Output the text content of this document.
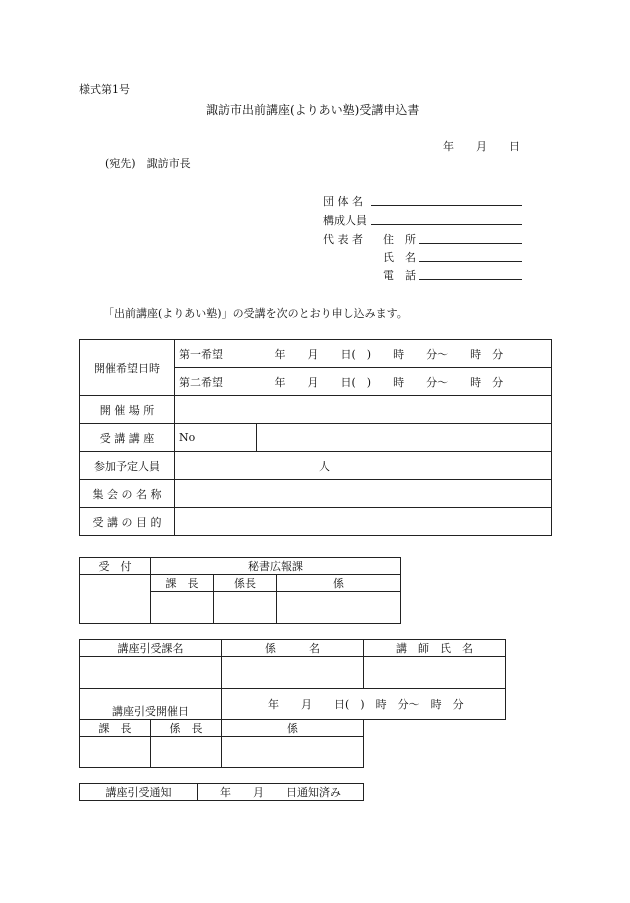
様式第1号
諏訪市出前講座(よりあい塾)受講申込書
年　　月　　日
(宛先)　諏訪市長
団 体 名
構成人員
代 表 者 住　所
氏　名
電　話
「出前講座(よりあい塾)」の受講を次のとおり申し込みます。
開催希望日時	第一希望 年　　月　　日(　)　　時　　分～　　時　分	
	第二希望 年　　月　　日(　)　　時　　分～　　時　分	
開 催 場 所		
受 講 講 座	No	
参加予定人員	人	
集 会 の 名 称		
受 講 の 目 的		
受　付	秘書広報課		
	課　長	係長	係

講座引受課名	係　　　名	講　師　氏　名

講座引受開催日	年　　月　　日(　)　時　分～　時　分	
課　長	係　長	係

講座引受通知	年　　月　　日通知済み
